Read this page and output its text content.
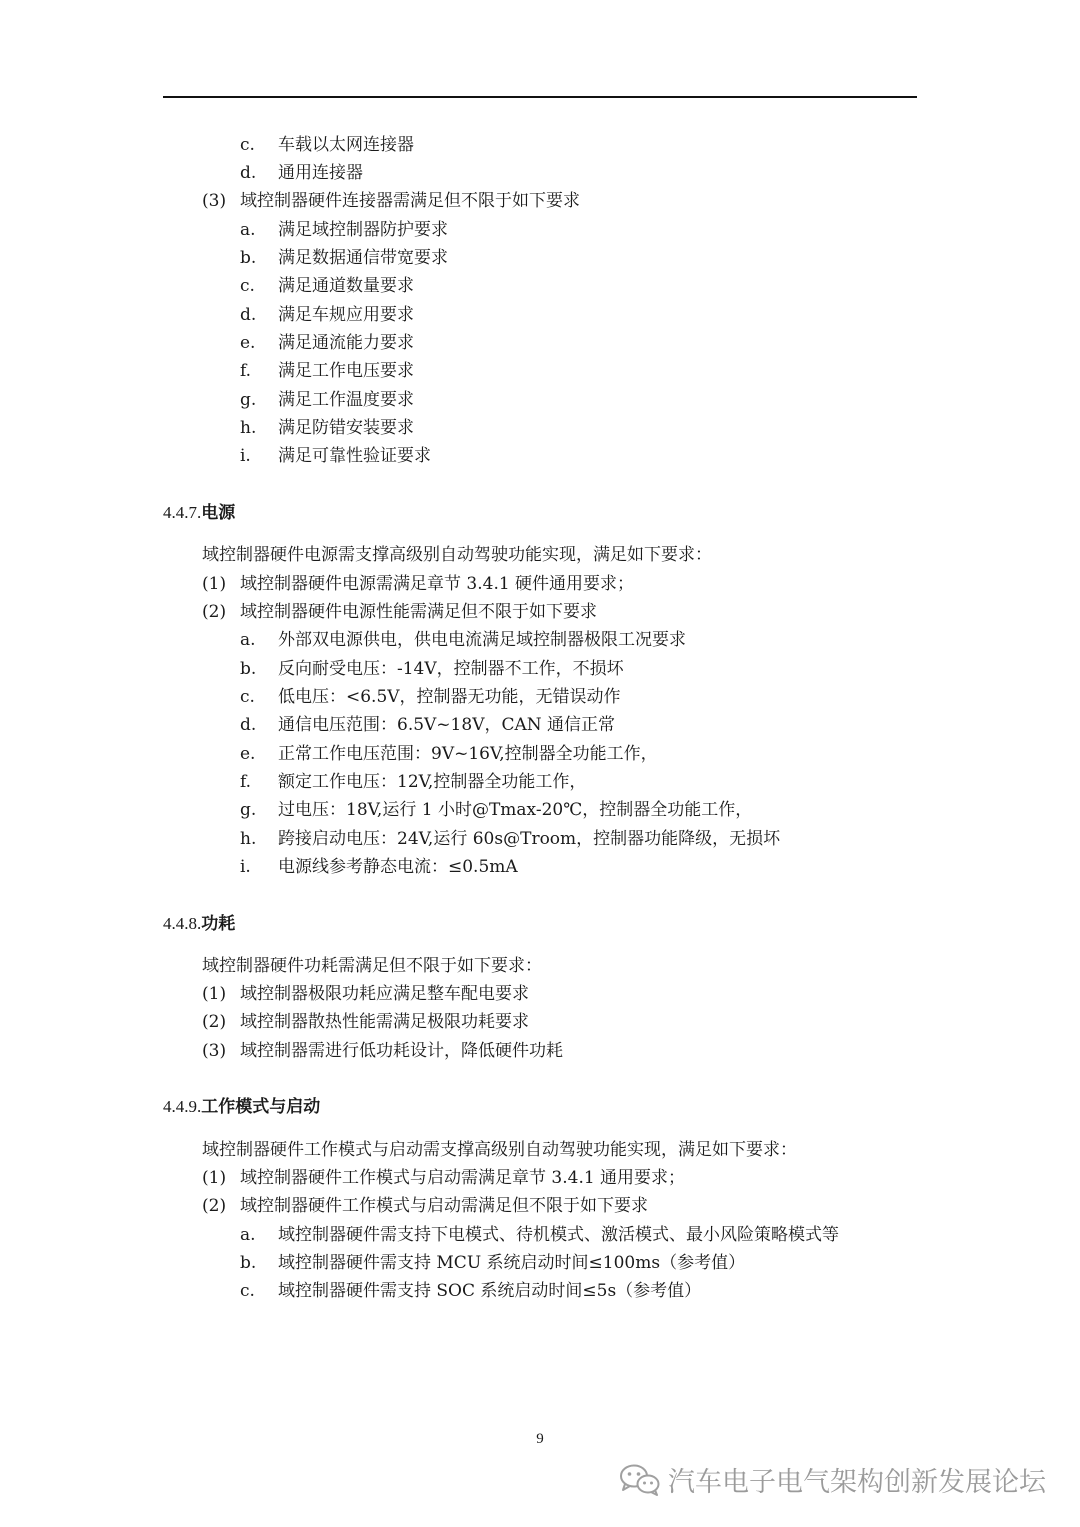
c. 车载以太网连接器
d. 通用连接器
(3) 域控制器硬件连接器需满足但不限于如下要求
a. 满足域控制器防护要求
b. 满足数据通信带宽要求
c. 满足通道数量要求
d. 满足车规应用要求
e. 满足通流能力要求
f. 满足工作电压要求
g. 满足工作温度要求
h. 满足防错安装要求
i. 满足可靠性验证要求
4.4.7.电源
域控制器硬件电源需支撑高级别自动驾驶功能实现，满足如下要求：
(1) 域控制器硬件电源需满足章节 3.4.1 硬件通用要求；
(2) 域控制器硬件电源性能需满足但不限于如下要求
a. 外部双电源供电，供电电流满足域控制器极限工况要求
b. 反向耐受电压：-14V，控制器不工作，不损坏
c. 低电压：<6.5V，控制器无功能，无错误动作
d. 通信电压范围：6.5V~18V，CAN 通信正常
e. 正常工作电压范围：9V~16V,控制器全功能工作，
f. 额定工作电压：12V,控制器全功能工作，
g. 过电压：18V,运行 1 小时@Tmax-20℃，控制器全功能工作，
h. 跨接启动电压：24V,运行 60s@Troom，控制器功能降级，无损坏
i. 电源线参考静态电流：≤0.5mA
4.4.8.功耗
域控制器硬件功耗需满足但不限于如下要求：
(1) 域控制器极限功耗应满足整车配电要求
(2) 域控制器散热性能需满足极限功耗要求
(3) 域控制器需进行低功耗设计，降低硬件功耗
4.4.9.工作模式与启动
域控制器硬件工作模式与启动需支撑高级别自动驾驶功能实现，满足如下要求：
(1) 域控制器硬件工作模式与启动需满足章节 3.4.1 通用要求；
(2) 域控制器硬件工作模式与启动需满足但不限于如下要求
a. 域控制器硬件需支持下电模式、待机模式、激活模式、最小风险策略模式等
b. 域控制器硬件需支持 MCU 系统启动时间≤100ms（参考值）
c. 域控制器硬件需支持 SOC 系统启动时间≤5s（参考值）
9
汽车电子电气架构创新发展论坛
